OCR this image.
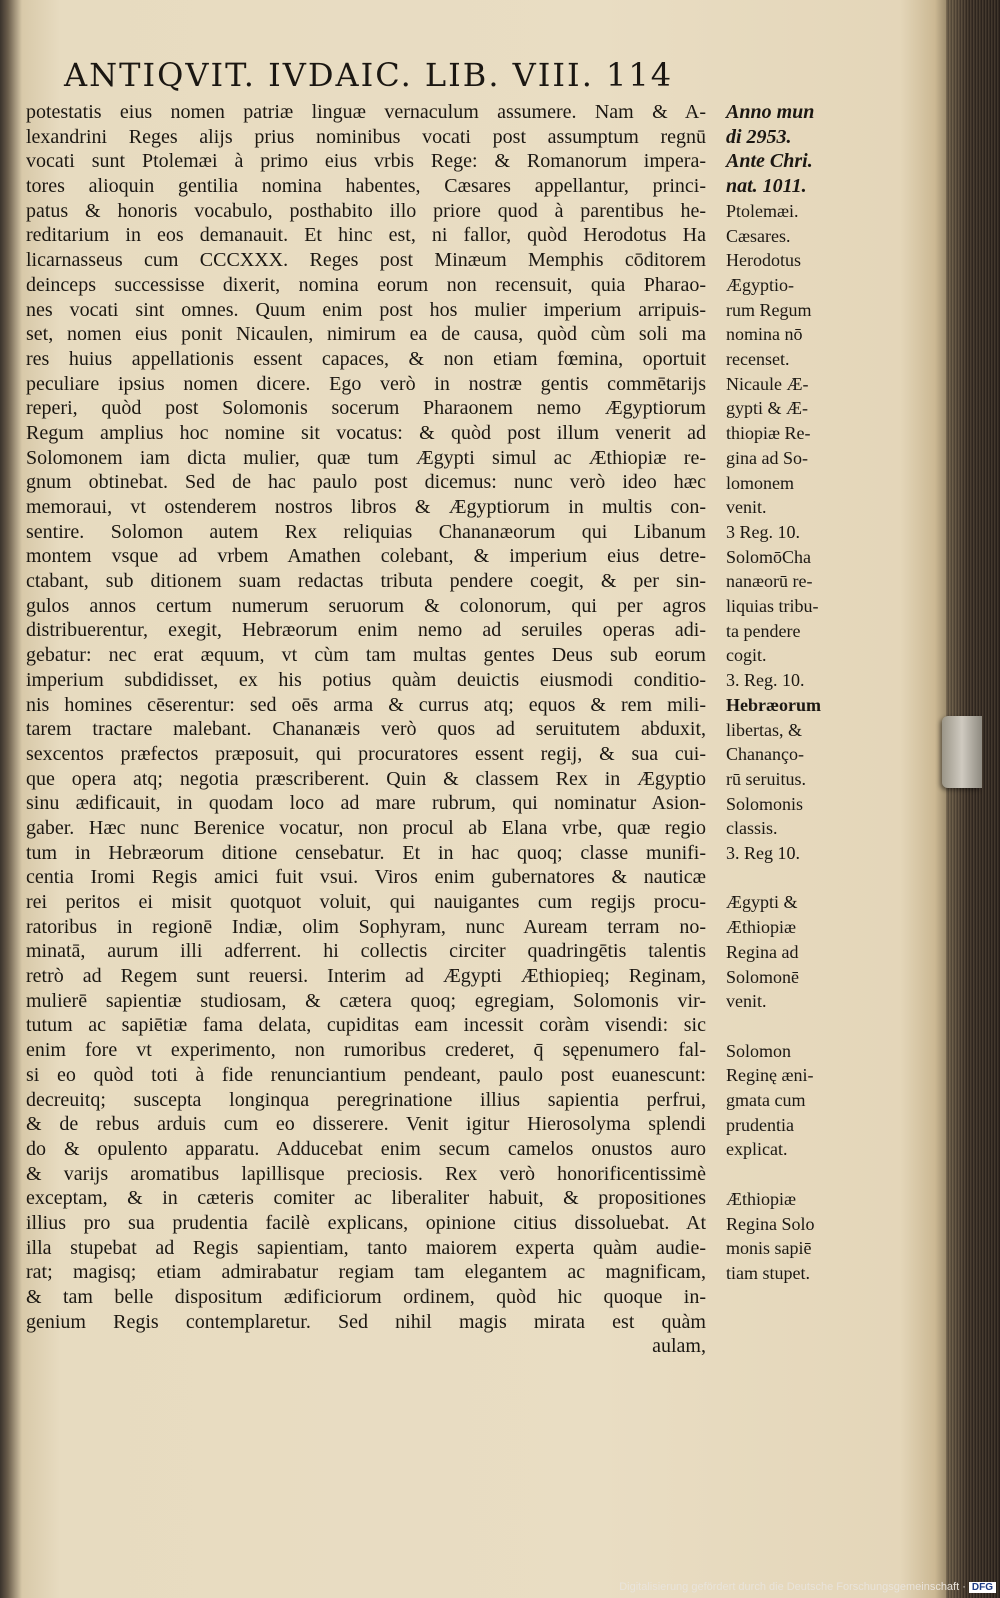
ANTIQVIT. IVDAIC. LIB. VIII. 114
potestatis eius nomen patriæ linguæ vernaculum assumere. Nam & A-
lexandrini Reges alijs prius nominibus vocati post assumptum regnū
vocati sunt Ptolemæi à primo eius vrbis Rege: & Romanorum impera-
tores alioquin gentilia nomina habentes, Cæsares appellantur, princi-
patus & honoris vocabulo, posthabito illo priore quod à parentibus he-
reditarium in eos demanauit. Et hinc est, ni fallor, quòd Herodotus Ha
licarnasseus cum CCCXXX. Reges post Minæum Memphis cōditorem
deinceps successisse dixerit, nomina eorum non recensuit, quia Pharao-
nes vocati sint omnes. Quum enim post hos mulier imperium arripuis-
set, nomen eius ponit Nicaulen, nimirum ea de causa, quòd cùm soli ma
res huius appellationis essent capaces, & non etiam fœmina, oportuit
peculiare ipsius nomen dicere. Ego verò in nostræ gentis commētarijs
reperi, quòd post Solomonis socerum Pharaonem nemo Ægyptiorum
Regum amplius hoc nomine sit vocatus: & quòd post illum venerit ad
Solomonem iam dicta mulier, quæ tum Ægypti simul ac Æthiopiæ re-
gnum obtinebat. Sed de hac paulo post dicemus: nunc verò ideo hæc
memoraui, vt ostenderem nostros libros & Ægyptiorum in multis con-
sentire. Solomon autem Rex reliquias Chananæorum qui Libanum
montem vsque ad vrbem Amathen colebant, & imperium eius detre-
ctabant, sub ditionem suam redactas tributa pendere coegit, & per sin-
gulos annos certum numerum seruorum & colonorum, qui per agros
distribuerentur, exegit, Hebræorum enim nemo ad seruiles operas adi-
gebatur: nec erat æquum, vt cùm tam multas gentes Deus sub eorum
imperium subdidisset, ex his potius quàm deuictis eiusmodi conditio-
nis homines cēserentur: sed oēs arma & currus atq; equos & rem mili-
tarem tractare malebant. Chananæis verò quos ad seruitutem abduxit,
sexcentos præfectos præposuit, qui procuratores essent regij, & sua cui-
que opera atq; negotia præscriberent. Quin & classem Rex in Ægyptio
sinu ædificauit, in quodam loco ad mare rubrum, qui nominatur Asion-
gaber. Hæc nunc Berenice vocatur, non procul ab Elana vrbe, quæ regio
tum in Hebræorum ditione censebatur. Et in hac quoq; classe munifi-
centia Iromi Regis amici fuit vsui. Viros enim gubernatores & nauticæ
rei peritos ei misit quotquot voluit, qui nauigantes cum regijs procu-
ratoribus in regionē Indiæ, olim Sophyram, nunc Auream terram no-
minatā, aurum illi adferrent. hi collectis circiter quadringētis talentis
retrò ad Regem sunt reuersi. Interim ad Ægypti Æthiopieq; Reginam,
mulierē sapientiæ studiosam, & cætera quoq; egregiam, Solomonis vir-
tutum ac sapiētiæ fama delata, cupiditas eam incessit coràm visendi: sic
enim fore vt experimento, non rumoribus crederet, q̄ sępenumero fal-
si eo quòd toti à fide renunciantium pendeant, paulo post euanescunt:
decreuitq; suscepta longinqua peregrinatione illius sapientia perfrui,
& de rebus arduis cum eo disserere. Venit igitur Hierosolyma splendi
do & opulento apparatu. Adducebat enim secum camelos onustos auro
& varijs aromatibus lapillisque preciosis. Rex verò honorificentissimè
exceptam, & in cæteris comiter ac liberaliter habuit, & propositiones
illius pro sua prudentia facilè explicans, opinione citius dissoluebat. At
illa stupebat ad Regis sapientiam, tanto maiorem experta quàm audie-
rat; magisq; etiam admirabatur regiam tam elegantem ac magnificam,
& tam belle dispositum ædificiorum ordinem, quòd hic quoque in-
genium Regis contemplaretur. Sed nihil magis mirata est quàm
aulam,
Anno mun
di 2953.
Ante Chri.
nat. 1011.
Ptolemæi.
Cæsares.
Herodotus
Ægyptio-
rum Regum
nomina nō
recenset.
Nicaule Æ-
gypti & Æ-
thiopiæ Re-
gina ad So-
lomonem
venit.
3 Reg. 10.
SolomōCha
nanæorū re-
liquias tribu-
ta pendere
cogit.
3. Reg. 10.
Hebræorum
libertas, &
Chananço-
rū seruitus.
Solomonis
classis.
3. Reg 10.
Ægypti &
Æthiopiæ
Regina ad
Solomonē
venit.
Solomon
Reginę æni-
gmata cum
prudentia
explicat.
Æthiopiæ
Regina Solo
monis sapiē
tiam stupet.
Digitalisierung gefördert durch die Deutsche Forschungsgemeinschaft · DFG
